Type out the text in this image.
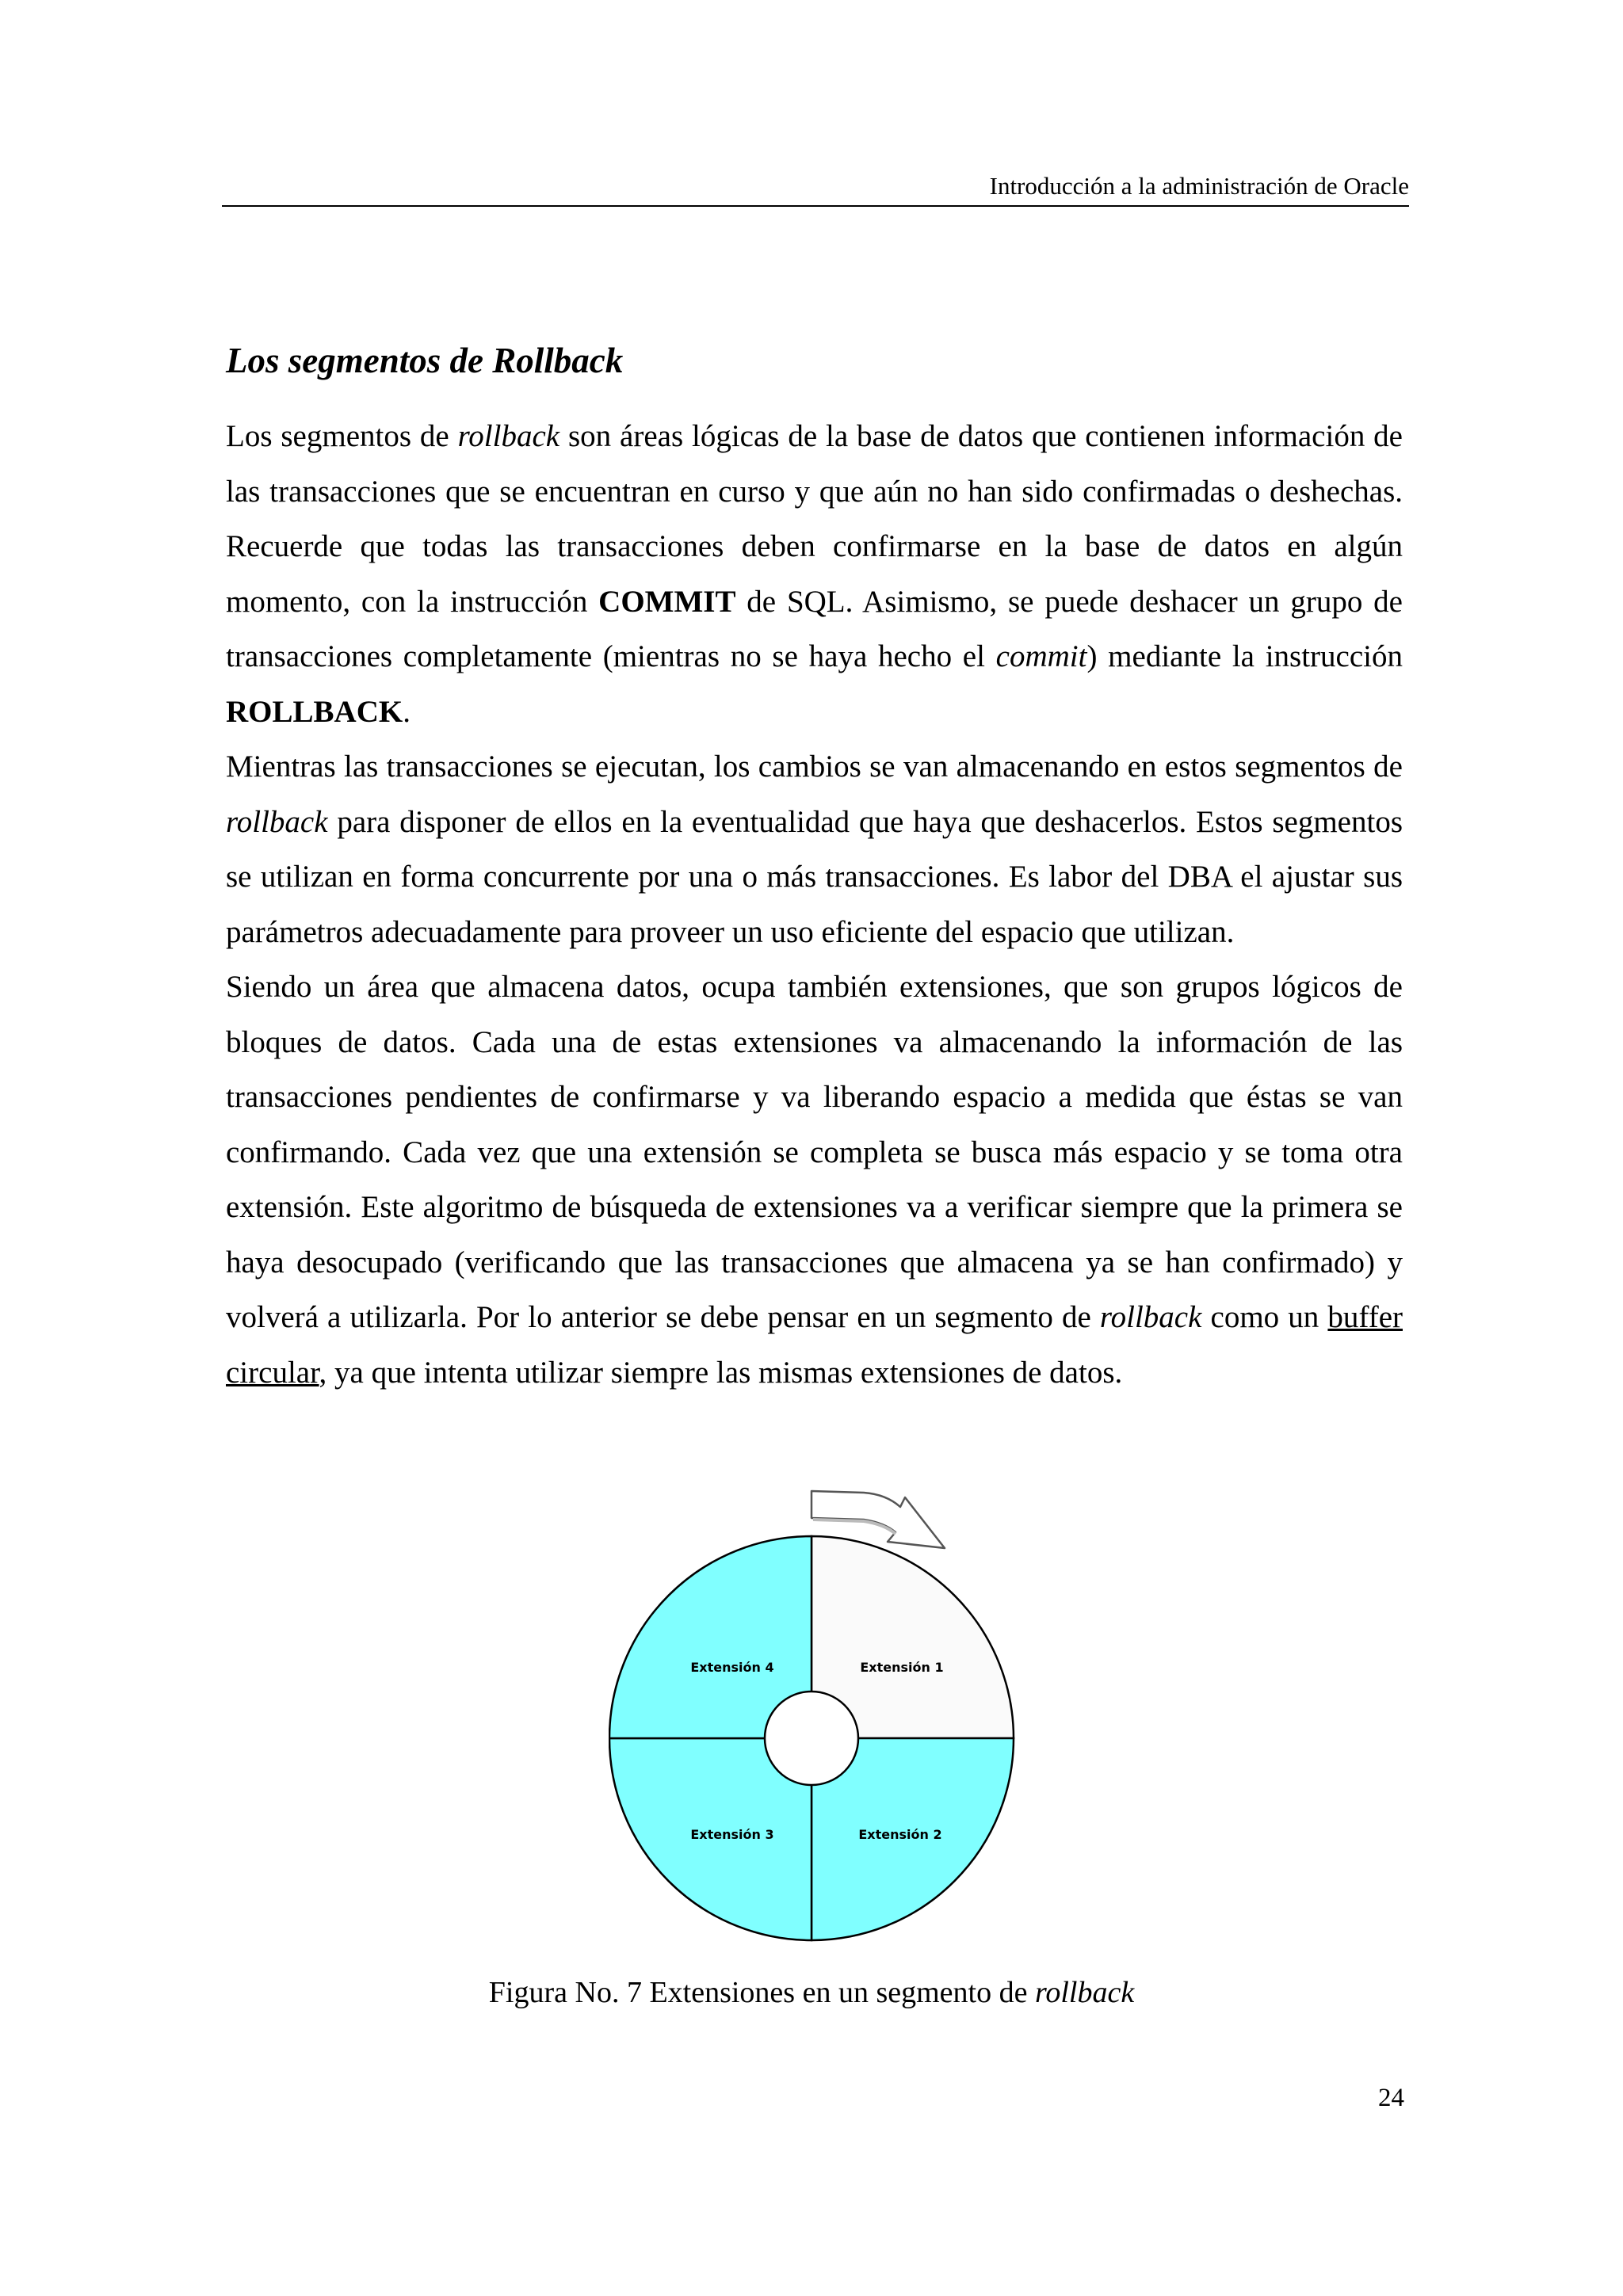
Introducción a la administración de Oracle
Los segmentos de Rollback

Los segmentos de rollback son áreas lógicas de la base de datos que contienen información de las transacciones que se encuentran en curso y que aún no han sido confirmadas o deshechas. Recuerde que todas las transacciones deben confirmarse en la base de datos en algún momento, con la instrucción COMMIT de SQL. Asimismo, se puede deshacer un grupo de transacciones completamente (mientras no se haya hecho el commit) mediante la instrucción ROLLBACK.

Mientras las transacciones se ejecutan, los cambios se van almacenando en estos segmentos de rollback para disponer de ellos en la eventualidad que haya que deshacerlos. Estos segmentos se utilizan en forma concurrente por una o más transacciones. Es labor del DBA el ajustar sus parámetros adecuadamente para proveer un uso eficiente del espacio que utilizan.

Siendo un área que almacena datos, ocupa también extensiones, que son grupos lógicos de bloques de datos. Cada una de estas extensiones va almacenando la información de las transacciones pendientes de confirmarse y va liberando espacio a medida que éstas se van confirmando. Cada vez que una extensión se completa se busca más espacio y se toma otra extensión. Este algoritmo de búsqueda de extensiones va a verificar siempre que la primera se haya desocupado (verificando que las transacciones que almacena ya se han confirmado) y volverá a utilizarla. Por lo anterior se debe pensar en un segmento de rollback como un buffer circular, ya que intenta utilizar siempre las mismas extensiones de datos.

Extensión 1
Extensión 2
Extensión 3
Extensión 4
Figura No. 7 Extensiones en un segmento de rollback
24
